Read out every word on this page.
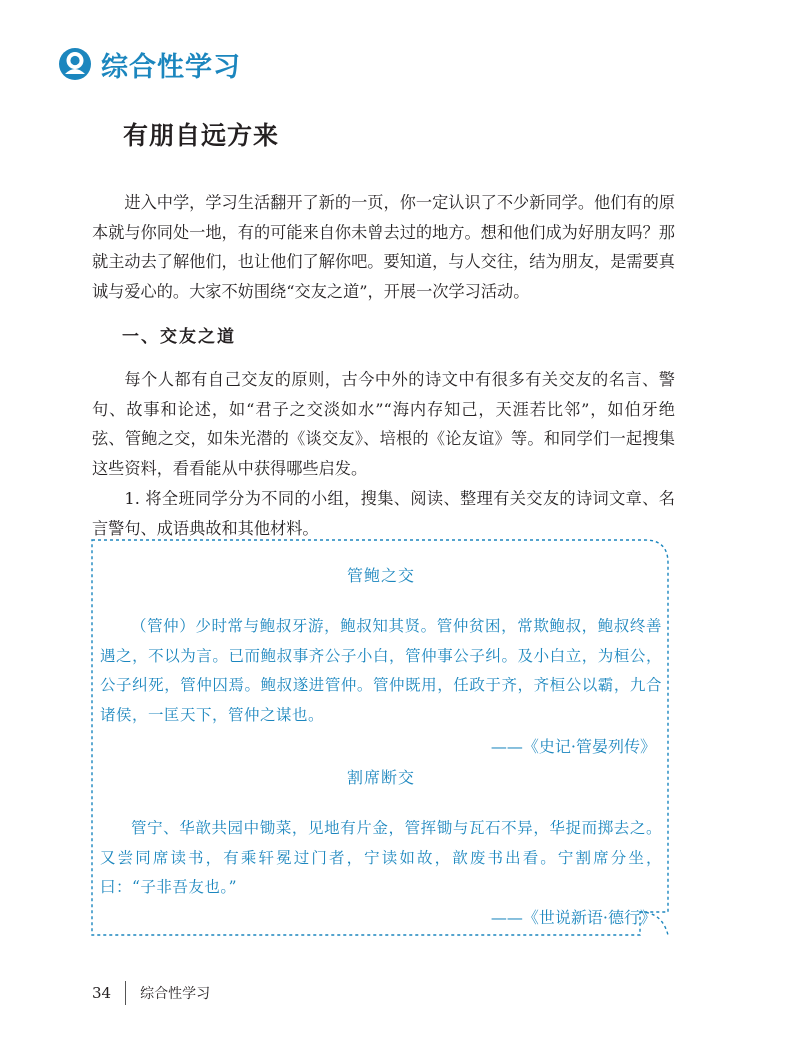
综合性学习
有朋自远方来

进入中学，学习生活翻开了新的一页，你一定认识了不少新同学。他们有的原本就与你同处一地，有的可能来自你未曾去过的地方。想和他们成为好朋友吗？那就主动去了解他们，也让他们了解你吧。要知道，与人交往，结为朋友，是需要真诚与爱心的。大家不妨围绕“交友之道”，开展一次学习活动。

一、交友之道

每个人都有自己交友的原则，古今中外的诗文中有很多有关交友的名言、警句、故事和论述，如“君子之交淡如水”“海内存知己，天涯若比邻”，如伯牙绝弦、管鲍之交，如朱光潜的《谈交友》、培根的《论友谊》等。和同学们一起搜集这些资料，看看能从中获得哪些启发。

1. 将全班同学分为不同的小组，搜集、阅读、整理有关交友的诗词文章、名言警句、成语典故和其他材料。

管鲍之交

（管仲）少时常与鲍叔牙游，鲍叔知其贤。管仲贫困，常欺鲍叔，鲍叔终善遇之，不以为言。已而鲍叔事齐公子小白，管仲事公子纠。及小白立，为桓公，公子纠死，管仲囚焉。鲍叔遂进管仲。管仲既用，任政于齐，齐桓公以霸，九合诸侯，一匡天下，管仲之谋也。

——《史记·管晏列传》

割席断交

管宁、华歆共园中锄菜，见地有片金，管挥锄与瓦石不异，华捉而掷去之。又尝同席读书，有乘轩冕过门者，宁读如故，歆废书出看。宁割席分坐，曰：“子非吾友也。”

——《世说新语·德行》

34 综合性学习
